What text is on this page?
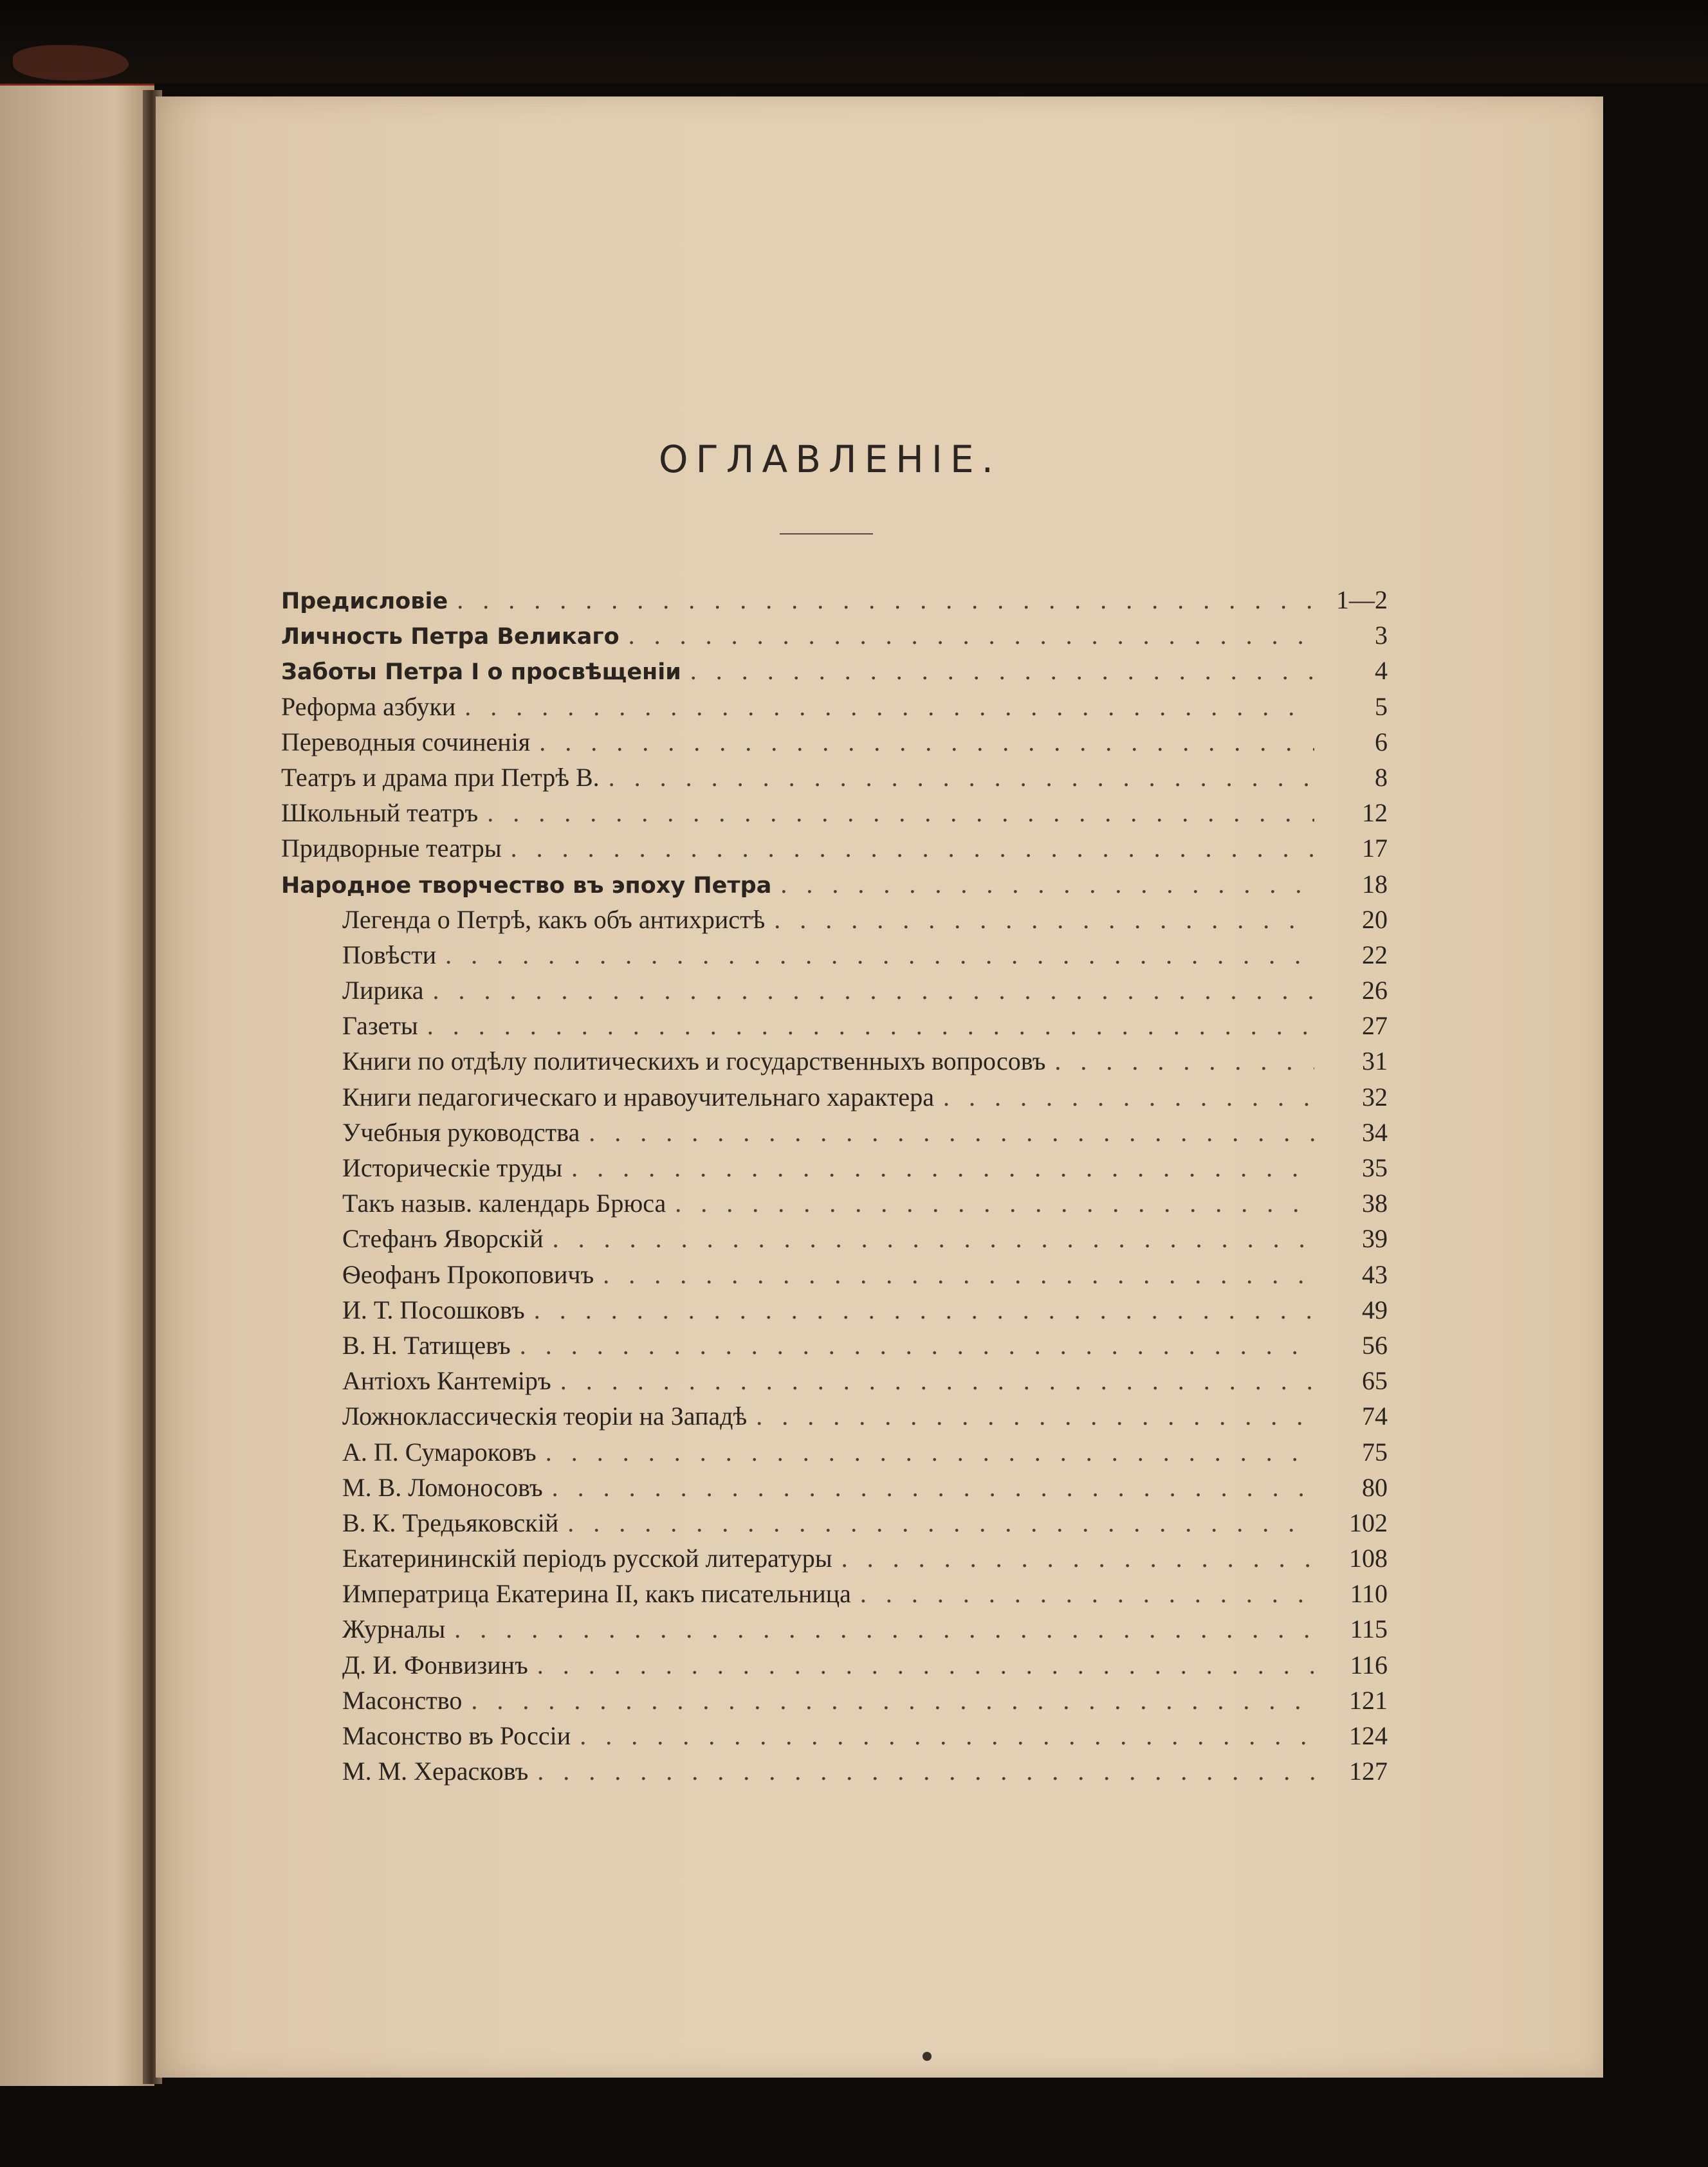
ОГЛАВЛЕНIЕ.
Предисловіе . . .	1—2
Личность Петра Великаго . . .	3
Заботы Петра I о просвѣщенiи . . .	4
Реформа азбуки . . .	5
Переводныя сочиненія . . .	6
Театръ и драма при Петрѣ В. . . .	8
Школьный театръ . . .	12
Придворные театры . . .	17
Народное творчество въ эпоху Петра . . .	18
Легенда о Петрѣ, какъ объ антихристѣ . . .	20
Повѣсти . . .	22
Лирика . . .	26
Газеты . . .	27
Книги по отдѣлу политическихъ и государственныхъ вопросовъ . . .	31
Книги педагогическаго и нравоучительнаго характера . . .	32
Учебныя руководства . . .	34
Историческіе труды . . .	35
Такъ назыв. календарь Брюса . . .	38
Стефанъ Яворскій . . .	39
Ѳеофанъ Прокоповичъ . . .	43
И. Т. Посошковъ . . .	49
В. Н. Татищевъ . . .	56
Антіохъ Кантеміръ . . .	65
Ложноклассическія теоріи на Западѣ . . .	74
А. П. Сумароковъ . . .	75
М. В. Ломоносовъ . . .	80
В. К. Тредьяковскій . . .	102
Екатерининскій періодъ русской литературы . . .	108
Императрица Екатерина II, какъ писательница . . .	110
Журналы . . .	115
Д. И. Фонвизинъ . . .	116
Масонство . . .	121
Масонство въ Россіи . . .	124
М. М. Херасковъ . . .	127
